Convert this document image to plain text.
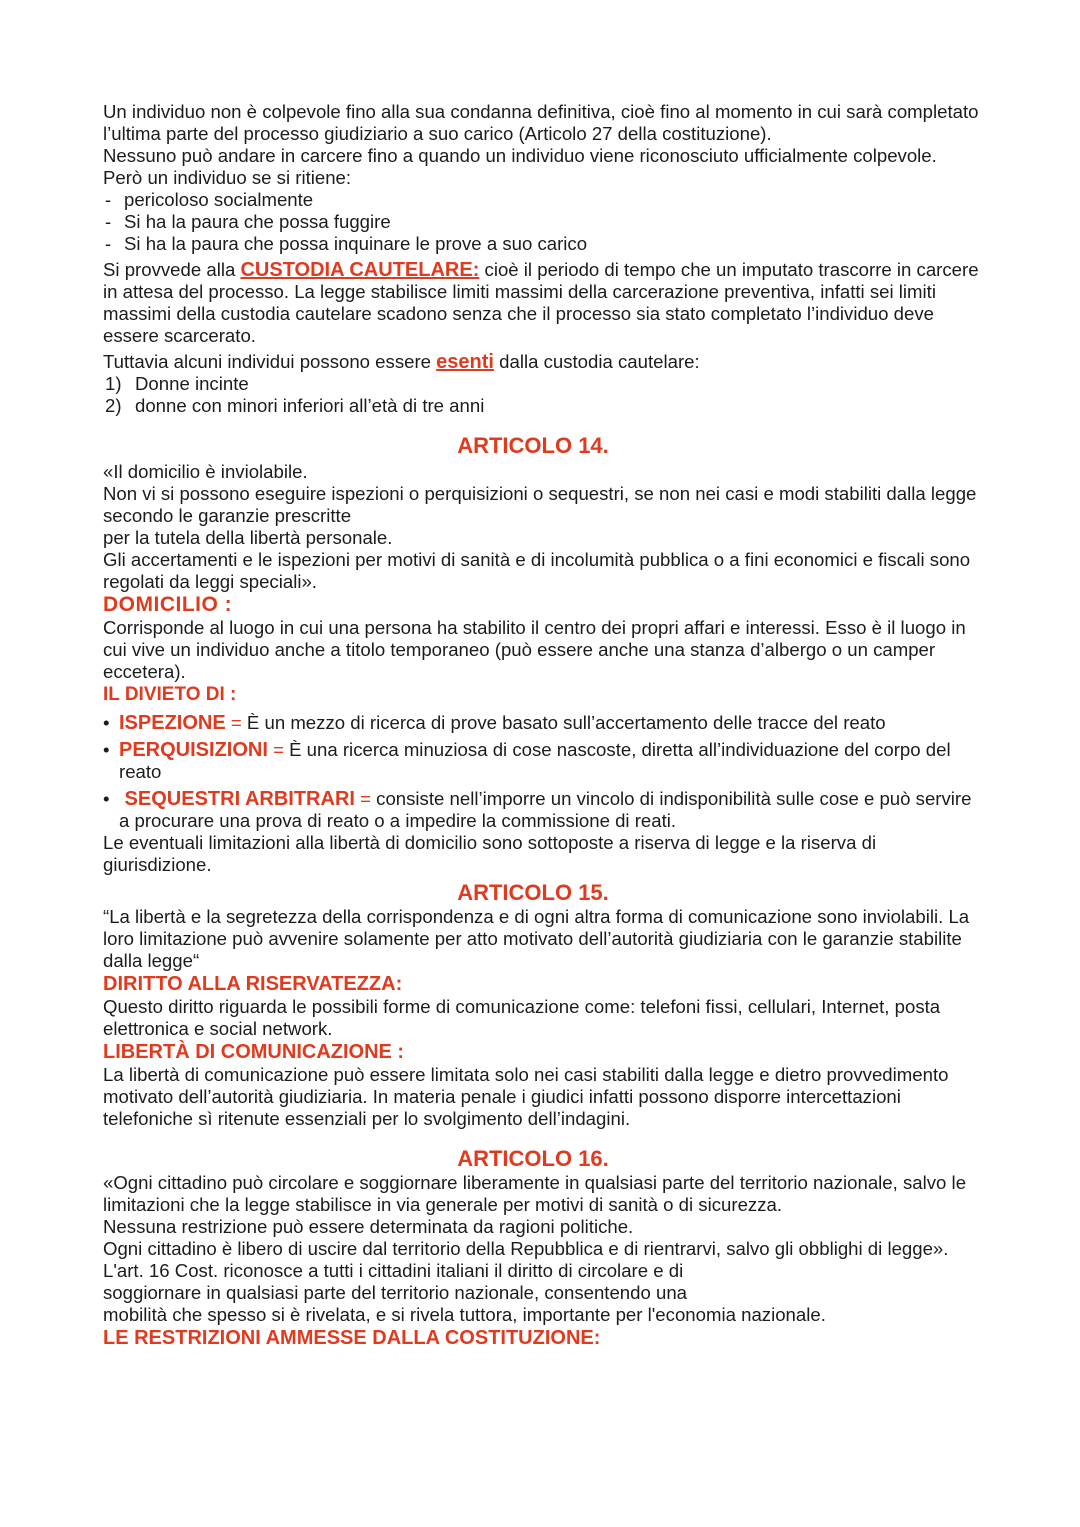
Un individuo non è colpevole fino alla sua condanna definitiva, cioè fino al momento in cui sarà completato l’ultima parte del processo giudiziario a suo carico (Articolo 27 della costituzione).

Nessuno può andare in carcere fino a quando un individuo viene riconosciuto ufficialmente colpevole.

Però un individuo se si ritiene:

- pericoloso socialmente
- Si ha la paura che possa fuggire
- Si ha la paura che possa inquinare le prove a suo carico

Si provvede alla CUSTODIA CAUTELARE: cioè il periodo di tempo che un imputato trascorre in carcere in attesa del processo. La legge stabilisce limiti massimi della carcerazione preventiva, infatti sei limiti massimi della custodia cautelare scadono senza che il processo sia stato completato l’individuo deve essere scarcerato.

Tuttavia alcuni individui possono essere esenti dalla custodia cautelare:

1) Donne incinte
2) donne con minori inferiori all’età di tre anni
ARTICOLO 14.

«Il domicilio è inviolabile.

Non vi si possono eseguire ispezioni o perquisizioni o sequestri, se non nei casi e modi stabiliti dalla legge secondo le garanzie prescritte

per la tutela della libertà personale.

Gli accertamenti e le ispezioni per motivi di sanità e di incolumità pubblica o a fini economici e fiscali sono regolati da leggi speciali».

DOMICILIO :

Corrisponde al luogo in cui una persona ha stabilito il centro dei propri affari e interessi. Esso è il luogo in cui vive un individuo anche a titolo temporaneo (può essere anche una stanza d’albergo o un camper eccetera).

IL DIVIETO DI :
• ISPEZIONE = È un mezzo di ricerca di prove basato sull’accertamento delle tracce del reato
• PERQUISIZIONI = È una ricerca minuziosa di cose nascoste, diretta all’individuazione del corpo del reato
•  SEQUESTRI ARBITRARI = consiste nell’imporre un vincolo di indisponibilità sulle cose e può servire a procurare una prova di reato o a impedire la commissione di reati.

Le eventuali limitazioni alla libertà di domicilio sono sottoposte a riserva di legge e la riserva di giurisdizione.

ARTICOLO 15.

“La libertà e la segretezza della corrispondenza e di ogni altra forma di comunicazione sono inviolabili. La loro limitazione può avvenire solamente per atto motivato dell’autorità giudiziaria con le garanzie stabilite dalla legge“

DIRITTO ALLA RISERVATEZZA:

Questo diritto riguarda le possibili forme di comunicazione come: telefoni fissi, cellulari, Internet, posta elettronica e social network.

LIBERTÀ DI COMUNICAZIONE :

La libertà di comunicazione può essere limitata solo nei casi stabiliti dalla legge e dietro provvedimento motivato dell’autorità giudiziaria. In materia penale i giudici infatti possono disporre intercettazioni telefoniche sì ritenute essenziali per lo svolgimento dell’indagini.

ARTICOLO 16.

«Ogni cittadino può circolare e soggiornare liberamente in qualsiasi parte del territorio nazionale, salvo le limitazioni che la legge stabilisce in via generale per motivi di sanità o di sicurezza.

Nessuna restrizione può essere determinata da ragioni politiche.

Ogni cittadino è libero di uscire dal territorio della Repubblica e di rientrarvi, salvo gli obblighi di legge».

L'art. 16 Cost. riconosce a tutti i cittadini italiani il diritto di circolare e di

soggiornare in qualsiasi parte del territorio nazionale, consentendo una

mobilità che spesso si è rivelata, e si rivela tuttora, importante per l'economia nazionale.

LE RESTRIZIONI AMMESSE DALLA COSTITUZIONE:
